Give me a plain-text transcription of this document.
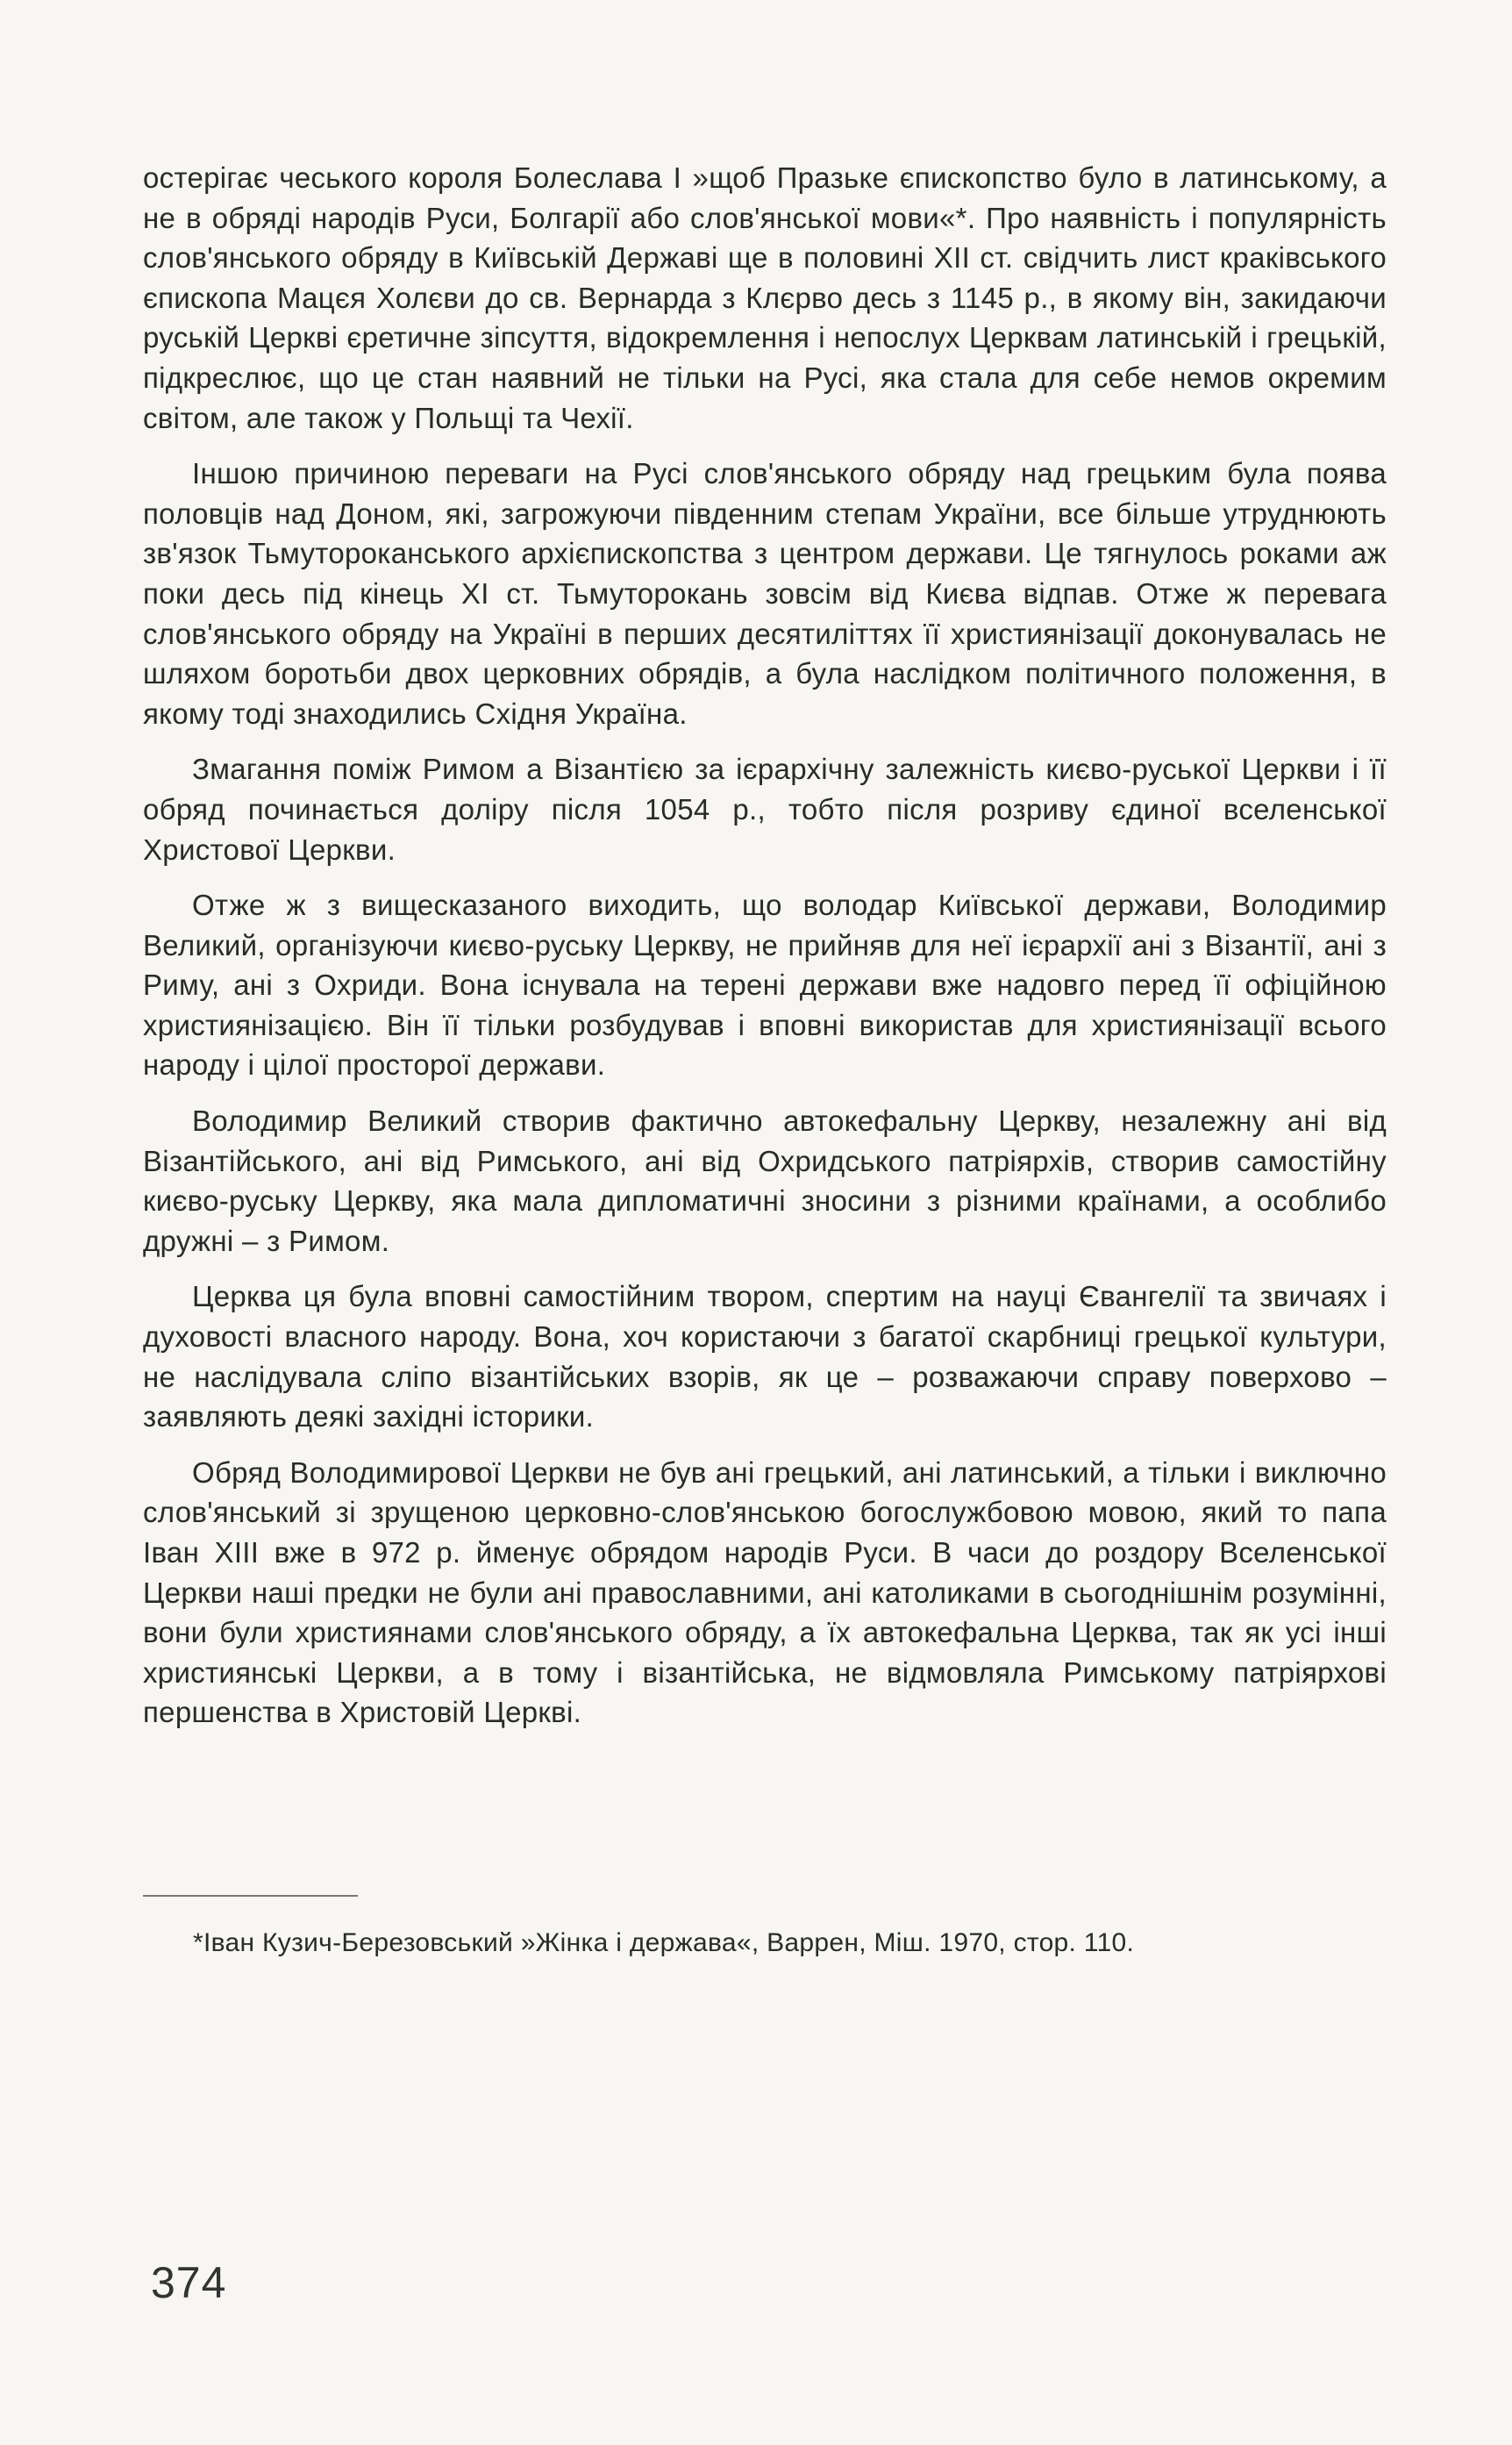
остерігає чеського короля Болеслава I »щоб Празьке єпископство було в латинському, а не в обряді народів Руси, Болгарії або слов'янської мови«*. Про наявність і популярність слов'янського обряду в Київській Державі ще в половині XII ст. свідчить лист краківського єпископа Мацєя Холєви до св. Вернарда з Клєрво десь з 1145 р., в якому він, закидаючи руській Церкві єретичне зіпсуття, відокремлення і непослух Церквам латинській і грецькій, підкреслює, що це стан наявний не тільки на Русі, яка стала для себе немов окремим світом, але також у Польщі та Чехії.

Іншою причиною переваги на Русі слов'янського обряду над грецьким була поява половців над Доном, які, загрожуючи південним степам України, все більше утруднюють зв'язок Тьмутороканського архієпископства з центром держави. Це тягнулось роками аж поки десь під кінець XI ст. Тьмуторокань зовсім від Києва відпав. Отже ж перевага слов'янського обряду на Україні в перших десятиліттях її християнізації доконувалась не шляхом боротьби двох церковних обрядів, а була наслідком політичного положення, в якому тоді знаходились Східня Україна.

Змагання поміж Римом а Візантією за ієрархічну залежність києво-руської Церкви і її обряд починається доліру після 1054 р., тобто після розриву єдиної вселенської Христової Церкви.

Отже ж з вищесказаного виходить, що володар Київської держави, Володимир Великий, організуючи києво-руську Церкву, не прийняв для неї ієрархії ані з Візантії, ані з Риму, ані з Охриди. Вона існувала на терені держави вже надовго перед її офіційною християнізацією. Він її тільки розбудував і вповні використав для християнізації всього народу і цілої просторої держави.

Володимир Великий створив фактично автокефальну Церкву, незалежну ані від Візантійського, ані від Римського, ані від Охридського патріярхів, створив самостійну києво-руську Церкву, яка мала дипломатичні зносини з різними країнами, а особлибо дружні – з Римом.

Церква ця була вповні самостійним твором, спертим на науці Євангелії та звичаях і духовості власного народу. Вона, хоч користаючи з багатої скарбниці грецької культури, не наслідувала сліпо візантійських взорів, як це – розважаючи справу поверхово – заявляють деякі західні історики.

Обряд Володимирової Церкви не був ані грецький, ані латинський, а тільки і виключно слов'янський зі зрущеною церковно-слов'янською богослужбовою мовою, який то папа Іван XIII вже в 972 р. йменує обрядом народів Руси. В часи до роздору Вселенської Церкви наші предки не були ані православними, ані католиками в сьогоднішнім розумінні, вони були християнами слов'янського обряду, а їх автокефальна Церква, так як усі інші християнські Церкви, а в тому і візантійська, не відмовляла Римському патріярхові першенства в Христовій Церкві.

*Іван Кузич-Березовський »Жінка і держава«, Варрен, Міш. 1970, стор. 110.
374
